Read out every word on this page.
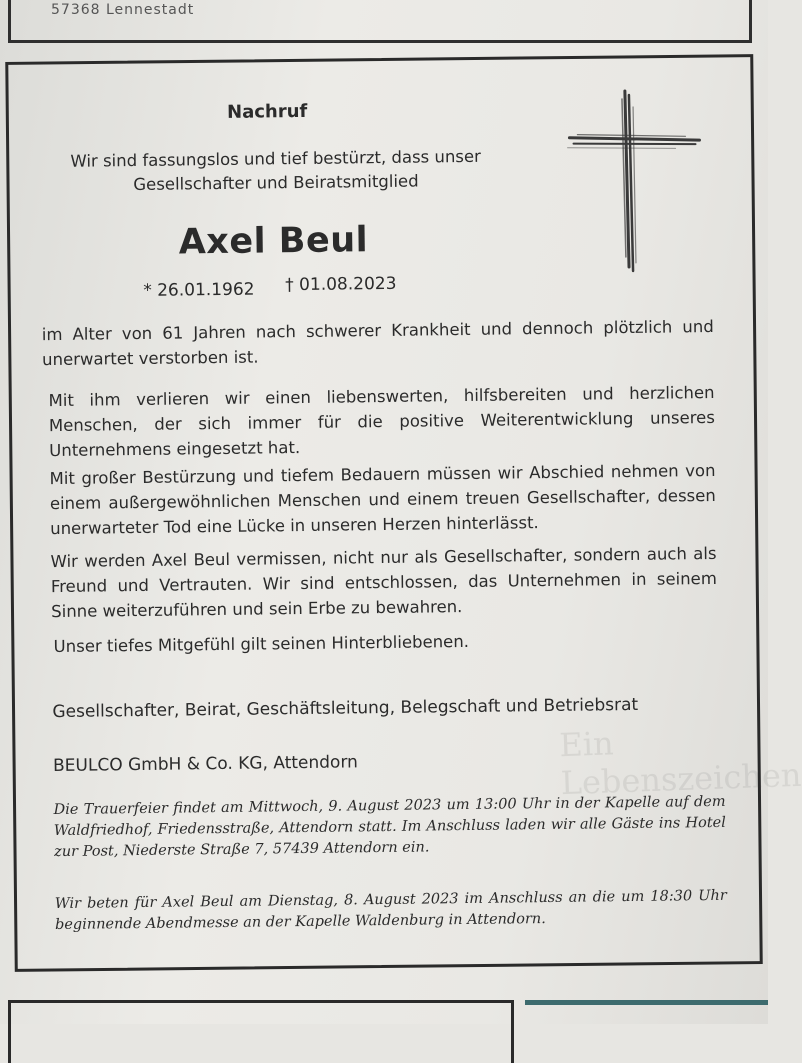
57368 Lennestadt
Ein Lebenszeichen
Nachruf
Wir sind fassungslos und tief bestürzt, dass unser
Gesellschafter und Beiratsmitglied
Axel Beul
* 26.01.1962 † 01.08.2023
im Alter von 61 Jahren nach schwerer Krankheit und dennoch plötzlich und unerwartet verstorben ist.
Mit ihm verlieren wir einen liebenswerten, hilfsbereiten und herzlichen Menschen, der sich immer für die positive Weiterentwicklung unseres Unternehmens eingesetzt hat.
Mit großer Bestürzung und tiefem Bedauern müssen wir Abschied nehmen von einem außergewöhnlichen Menschen und einem treuen Gesellschafter, dessen unerwarteter Tod eine Lücke in unseren Herzen hinterlässt.
Wir werden Axel Beul vermissen, nicht nur als Gesellschafter, sondern auch als Freund und Vertrauten. Wir sind entschlossen, das Unternehmen in seinem Sinne weiterzuführen und sein Erbe zu bewahren.
Unser tiefes Mitgefühl gilt seinen Hinterbliebenen.
Gesellschafter, Beirat, Geschäftsleitung, Belegschaft und Betriebsrat
BEULCO GmbH & Co. KG, Attendorn
Die Trauerfeier findet am Mittwoch, 9. August 2023 um 13:00 Uhr in der Kapelle auf dem Waldfriedhof, Friedensstraße, Attendorn statt. Im Anschluss laden wir alle Gäste ins Hotel zur Post, Niederste Straße 7, 57439 Attendorn ein.
Wir beten für Axel Beul am Dienstag, 8. August 2023 im Anschluss an die um 18:30 Uhr beginnende Abendmesse an der Kapelle Waldenburg in Attendorn.
